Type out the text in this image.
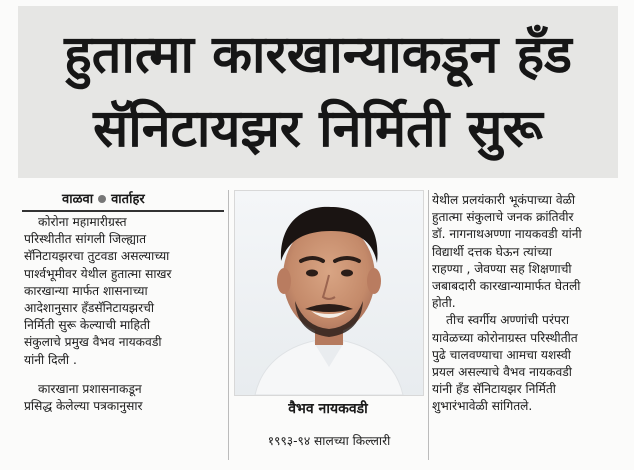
हुतात्मा कारखान्याकडून हँड
सॅनिटायझर निर्मिती सुरू
वाळवा वार्ताहर
कोरोना महामारीग्रस्त
परिस्थीतीत सांगली जिल्ह्यात
सॅनिटायझरचा तुटवडा असल्याच्या
पार्श्वभूमीवर येथील हुतात्मा साखर
कारखान्या मार्फत शासनाच्या
आदेशानुसार हँडसॅनिटायझरची
निर्मिती सुरू केल्याची माहिती
संकुलाचे प्रमुख वैभव नायकवडी
यांनी दिली .
कारखाना प्रशासनाकडून
प्रसिद्ध केलेल्या पत्रकानुसार	वैभव नायकवडी
१९९३-९४ सालच्या किल्लारी
येथील प्रलयंकारी भूकंपाच्या वेळी
हुतात्मा संकुलाचे जनक क्रांतिवीर
डॉ. नागनाथअण्णा नायकवडी यांनी
विद्यार्थी दत्तक घेऊन त्यांच्या
राहण्या , जेवण्या सह शिक्षणाची
जबाबदारी कारखान्यामार्फत घेतली
होती.
तीच स्वर्गीय अण्णांची परंपरा
यावेळच्या कोरोनाग्रस्त परिस्थीतीत
पुढे चालवण्याचा आमचा यशस्वी
प्रयल असल्याचे वैभव नायकवडी
यांनी हँड सॅनिटायझर निर्मिती
शुभारंभावेळी सांगितले.
